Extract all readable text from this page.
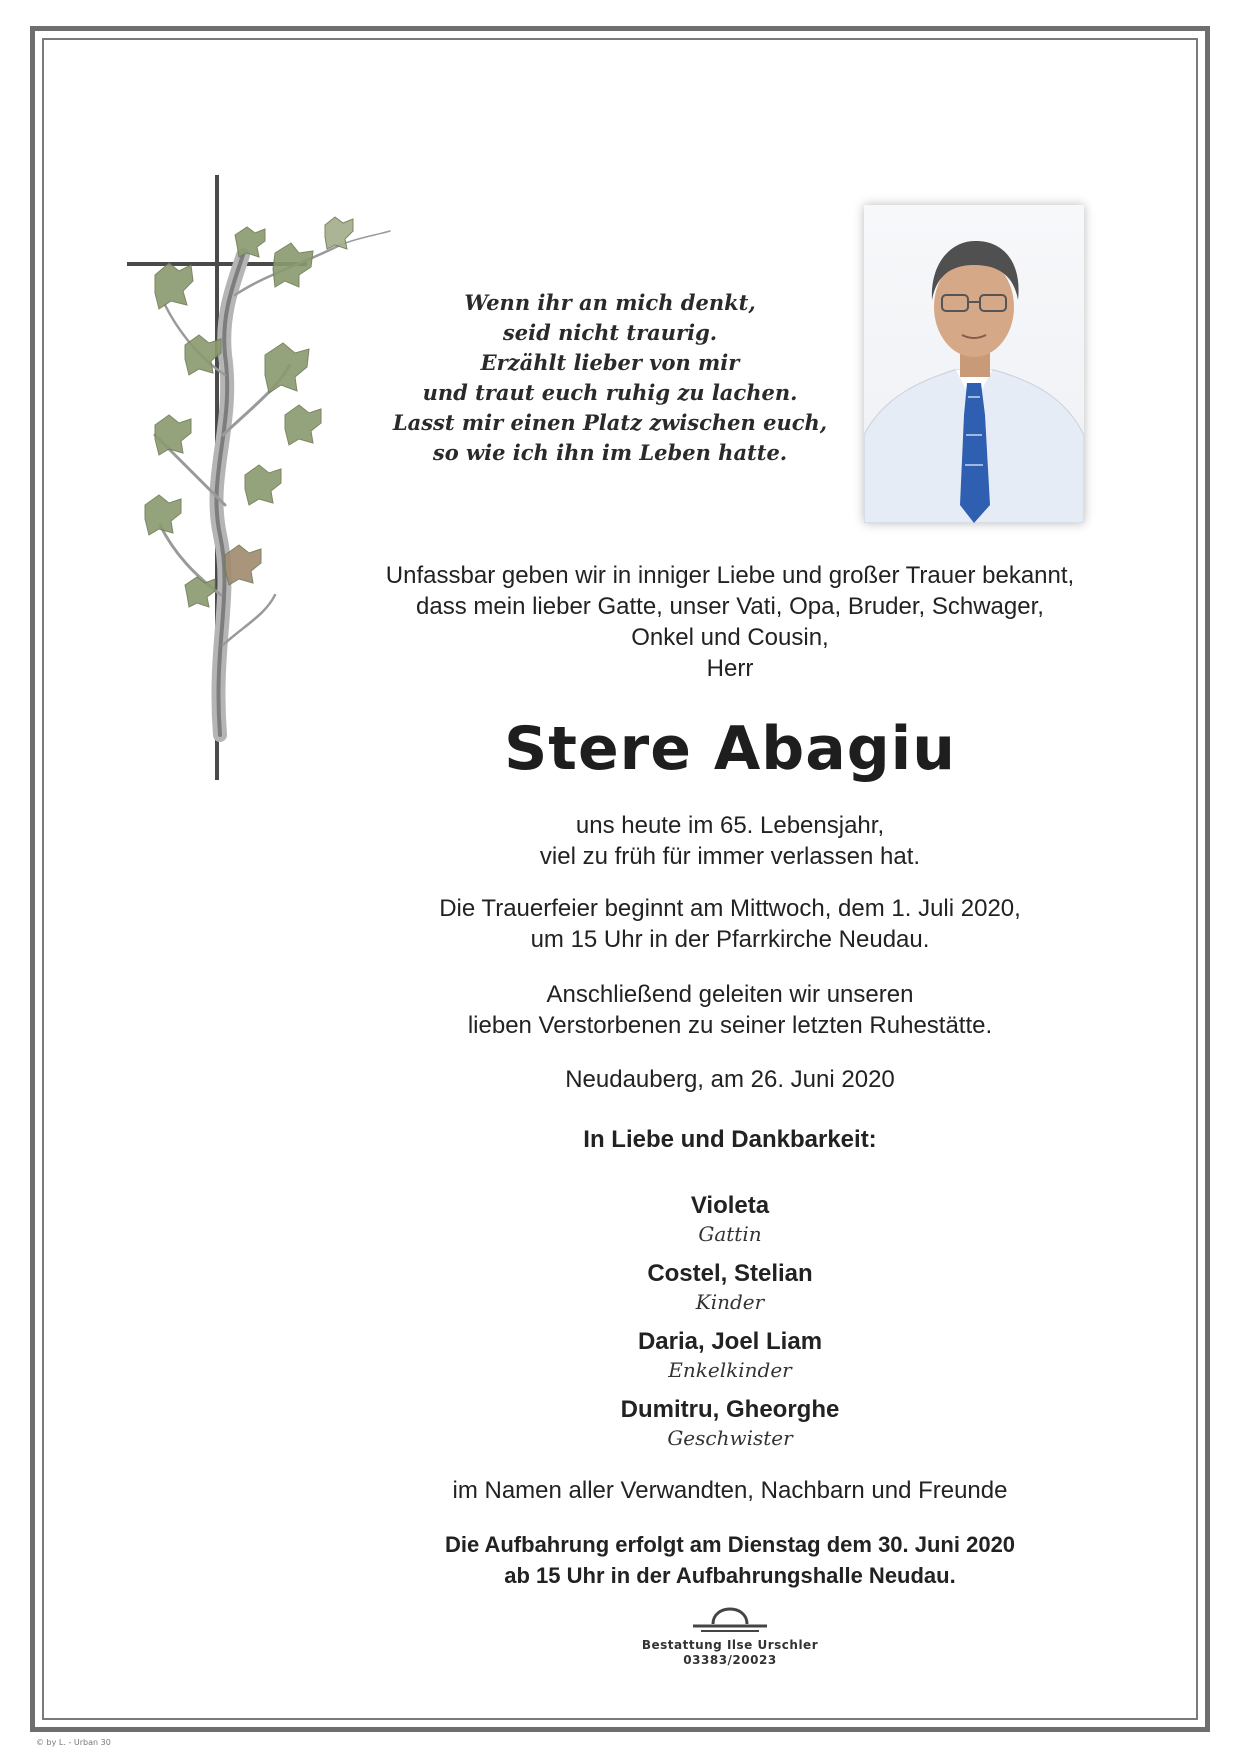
Wenn ihr an mich denkt,
seid nicht traurig.
Erzählt lieber von mir
und traut euch ruhig zu lachen.
Lasst mir einen Platz zwischen euch,
so wie ich ihn im Leben hatte.
Unfassbar geben wir in inniger Liebe und großer Trauer bekannt,
dass mein lieber Gatte, unser Vati, Opa, Bruder, Schwager,
Onkel und Cousin,
Herr
Stere Abagiu
uns heute im 65. Lebensjahr,
viel zu früh für immer verlassen hat.
Die Trauerfeier beginnt am Mittwoch, dem 1. Juli 2020,
um 15 Uhr in der Pfarrkirche Neudau.
Anschließend geleiten wir unseren
lieben Verstorbenen zu seiner letzten Ruhestätte.
Neudauberg, am 26. Juni 2020
In Liebe und Dankbarkeit:
Violeta
Gattin
Costel, Stelian
Kinder
Daria, Joel Liam
Enkelkinder
Dumitru, Gheorghe
Geschwister
im Namen aller Verwandten, Nachbarn und Freunde
Die Aufbahrung erfolgt am Dienstag dem 30. Juni 2020
ab 15 Uhr in der Aufbahrungshalle Neudau.
Bestattung Ilse Urschler
03383/20023
© by L. - Urban 30
